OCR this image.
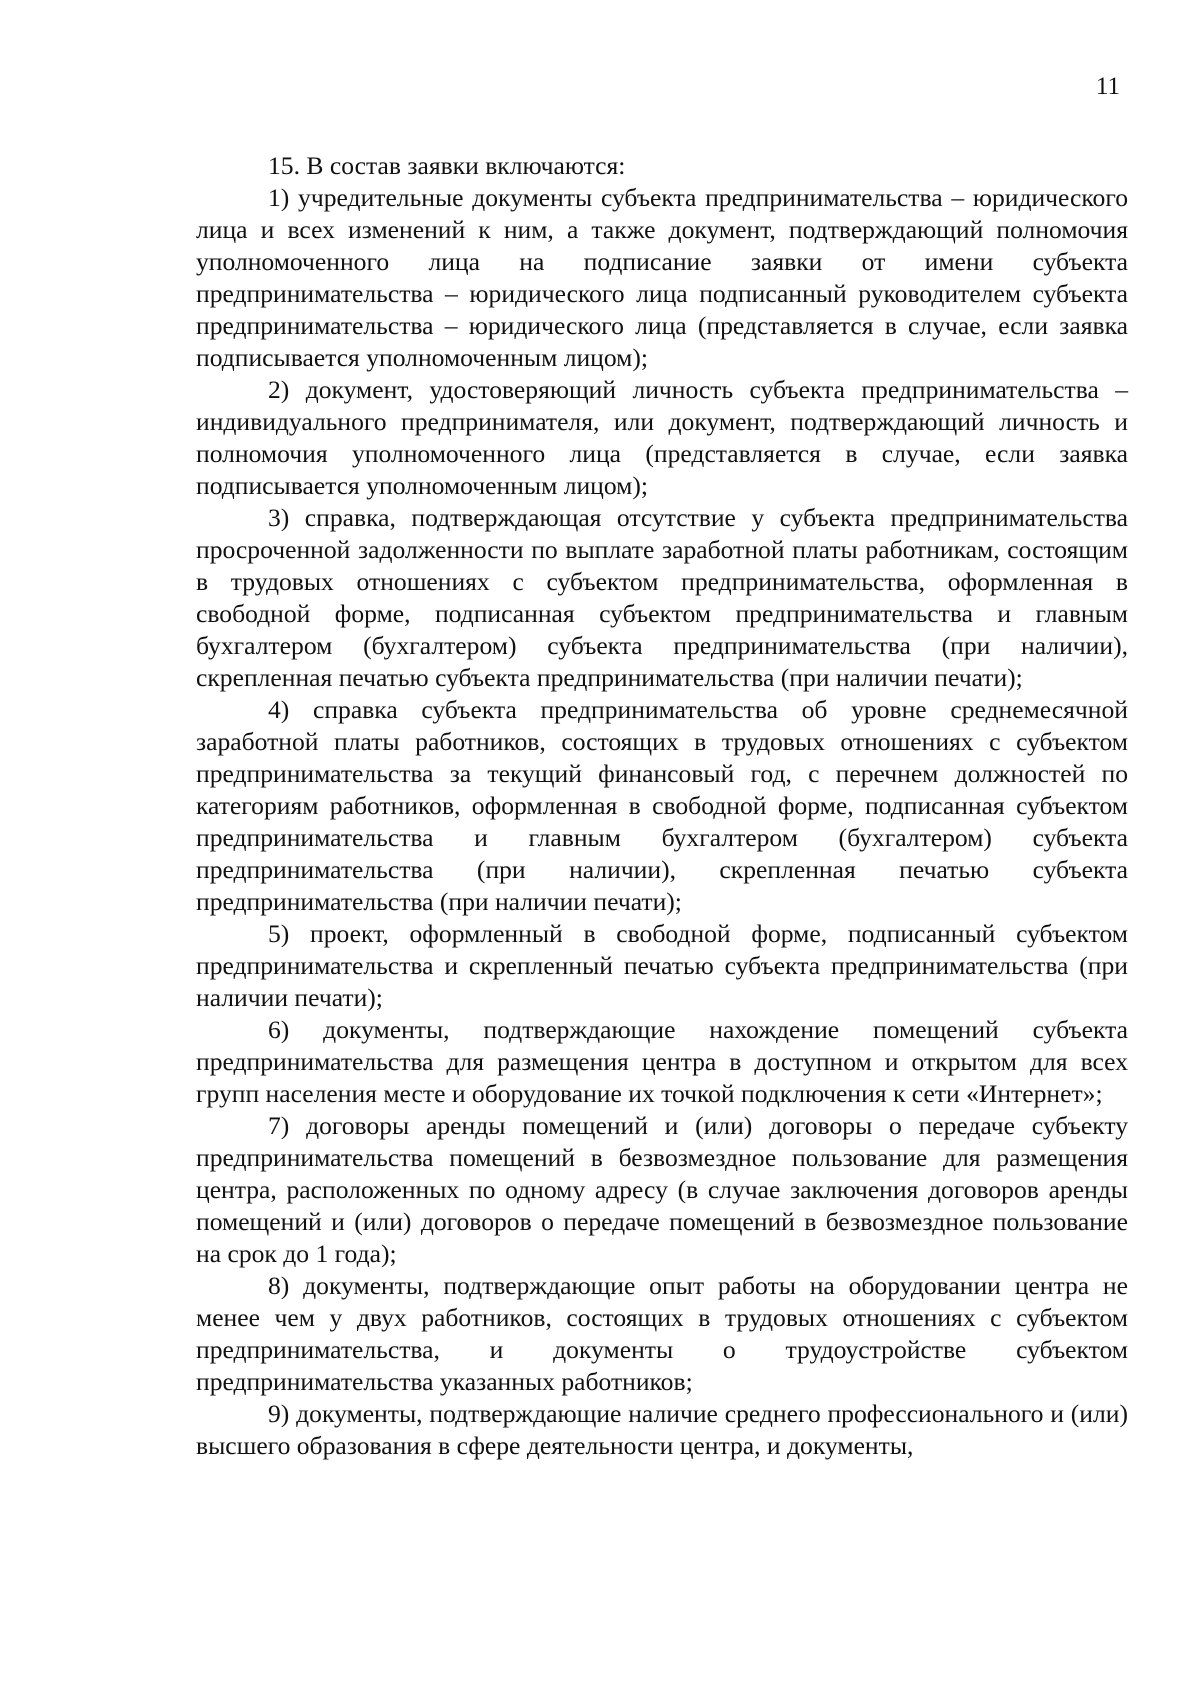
11

15. В состав заявки включаются:

1) учредительные документы субъекта предпринимательства – юридического лица и всех изменений к ним, а также документ, подтверждающий полномочия уполномоченного лица на подписание заявки от имени субъекта предпринимательства – юридического лица подписанный руководителем субъекта предпринимательства – юридического лица (представляется в случае, если заявка подписывается уполномоченным лицом);

2) документ, удостоверяющий личность субъекта предпринимательства – индивидуального предпринимателя, или документ, подтверждающий личность и полномочия уполномоченного лица (представляется в случае, если заявка подписывается уполномоченным лицом);

3) справка, подтверждающая отсутствие у субъекта предпринимательства просроченной задолженности по выплате заработной платы работникам, состоящим в трудовых отношениях с субъектом предпринимательства, оформленная в свободной форме, подписанная субъектом предпринимательства и главным бухгалтером (бухгалтером) субъекта предпринимательства (при наличии), скрепленная печатью субъекта предпринимательства (при наличии печати);

4) справка субъекта предпринимательства об уровне среднемесячной заработной платы работников, состоящих в трудовых отношениях с субъектом предпринимательства за текущий финансовый год, с перечнем должностей по категориям работников, оформленная в свободной форме, подписанная субъектом предпринимательства и главным бухгалтером (бухгалтером) субъекта предпринимательства (при наличии), скрепленная печатью субъекта предпринимательства (при наличии печати);

5) проект, оформленный в свободной форме, подписанный субъектом предпринимательства и скрепленный печатью субъекта предпринимательства (при наличии печати);

6) документы, подтверждающие нахождение помещений субъекта предпринимательства для размещения центра в доступном и открытом для всех групп населения месте и оборудование их точкой подключения к сети «Интернет»;

7) договоры аренды помещений и (или) договоры о передаче субъекту предпринимательства помещений в безвозмездное пользование для размещения центра, расположенных по одному адресу (в случае заключения договоров аренды помещений и (или) договоров о передаче помещений в безвозмездное пользование на срок до 1 года);

8) документы, подтверждающие опыт работы на оборудовании центра не менее чем у двух работников, состоящих в трудовых отношениях с субъектом предпринимательства, и документы о трудоустройстве субъектом предпринимательства указанных работников;

9) документы, подтверждающие наличие среднего профессионального и (или) высшего образования в сфере деятельности центра, и документы,
